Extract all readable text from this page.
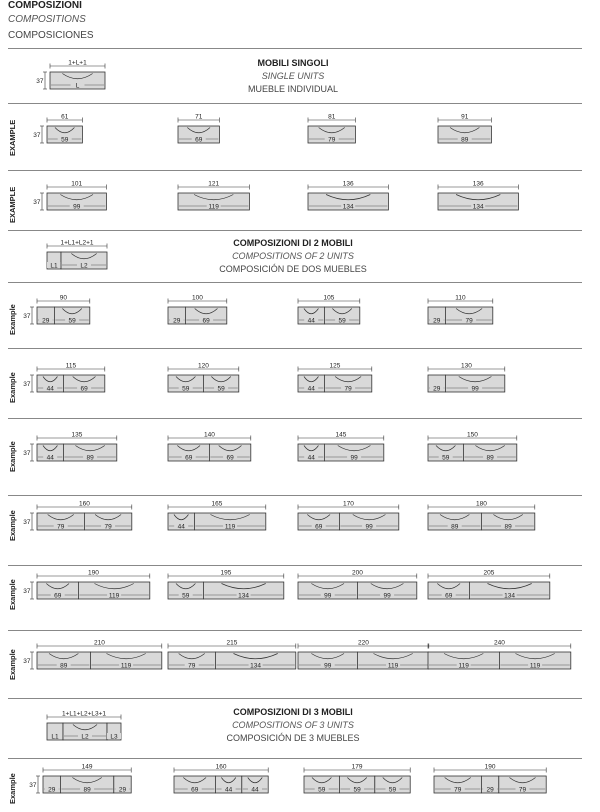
COMPOSIZIONI
COMPOSITIONS
COMPOSICIONES
MOBILI SINGOLI
SINGLE UNITS
MUEBLE INDIVIDUAL
COMPOSIZIONI DI 2 MOBILI
COMPOSITIONS OF 2 UNITS
COMPOSICIÓN DE DOS MUEBLES
COMPOSIZIONI DI 3 MOBILI
COMPOSITIONS OF 3 UNITS
COMPOSICIÓN DE 3 MUEBLES
EXAMPLE
EXAMPLE
Example
Example
Example
Example
Example
Example
Example
1+L+1
37
L
61
37
59
71
69
81
79
91
89
101
37
99
121
119
136
134
136
134
1+L1+L2+1
L1	L2
90
37
29	59
100
29	69
105
44	59
110
29	79
115
37
44	69
120
59	59
125
44	79
130
29	99
135
37
44	89
140
69	69
145
44	99
150
59	89
160
37
79	79
165
44	119
170
69	99
180
89	89
190
37
69	119
195
59	134
200
99	99
205
69	134
210
37
89	119
215
79	134
220
99	119
240
119	119
1+L1+L2+L3+1
L1	L2	L3
149
37
29	89	29
160
69	44	44
179
59	59	59
190
79	29	79
